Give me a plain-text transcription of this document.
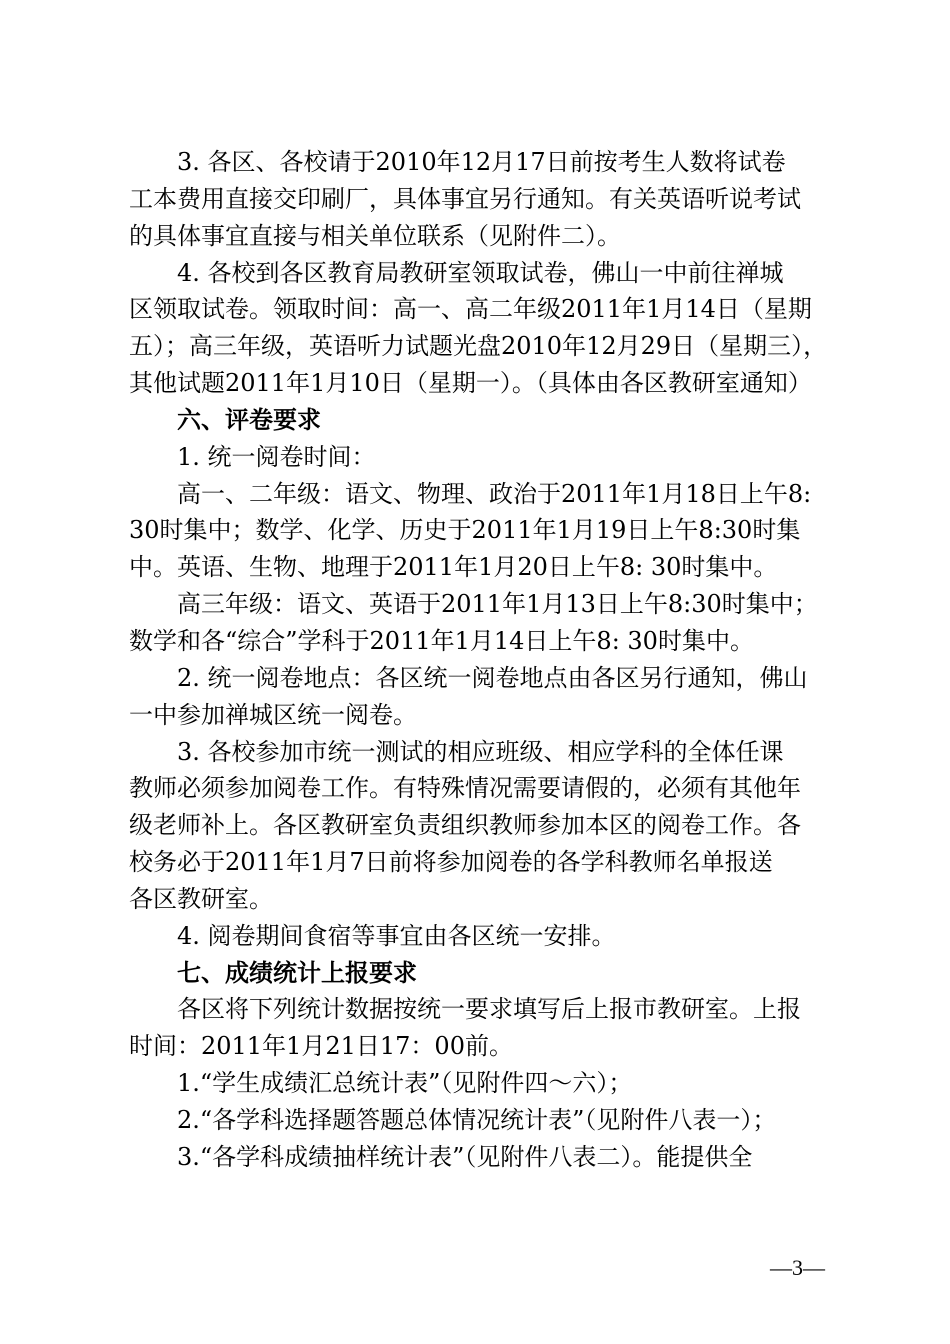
3. 各区、各校请于2010年12月17日前按考生人数将试卷
工本费用直接交印刷厂，具体事宜另行通知。有关英语听说考试
的具体事宜直接与相关单位联系（见附件二）。
4. 各校到各区教育局教研室领取试卷，佛山一中前往禅城
区领取试卷。领取时间：高一、高二年级2011年1月14日（星期
五）；高三年级，英语听力试题光盘2010年12月29日（星期三），
其他试题2011年1月10日（星期一）。（具体由各区教研室通知）
六、评卷要求
1. 统一阅卷时间：
高一、二年级：语文、物理、政治于2011年1月18日上午8:
30时集中；数学、化学、历史于2011年1月19日上午8:30时集
中。英语、生物、地理于2011年1月20日上午8: 30时集中。
高三年级：语文、英语于2011年1月13日上午8:30时集中；
数学和各“综合”学科于2011年1月14日上午8: 30时集中。
2. 统一阅卷地点：各区统一阅卷地点由各区另行通知，佛山
一中参加禅城区统一阅卷。
3. 各校参加市统一测试的相应班级、相应学科的全体任课
教师必须参加阅卷工作。有特殊情况需要请假的，必须有其他年
级老师补上。各区教研室负责组织教师参加本区的阅卷工作。各
校务必于2011年1月7日前将参加阅卷的各学科教师名单报送
各区教研室。
4. 阅卷期间食宿等事宜由各区统一安排。
七、成绩统计上报要求
各区将下列统计数据按统一要求填写后上报市教研室。上报
时间：2011年1月21日17：00前。
1.“学生成绩汇总统计表”（见附件四～六）；
2.“各学科选择题答题总体情况统计表”（见附件八表一）；
3.“各学科成绩抽样统计表”（见附件八表二）。能提供全
—3—
